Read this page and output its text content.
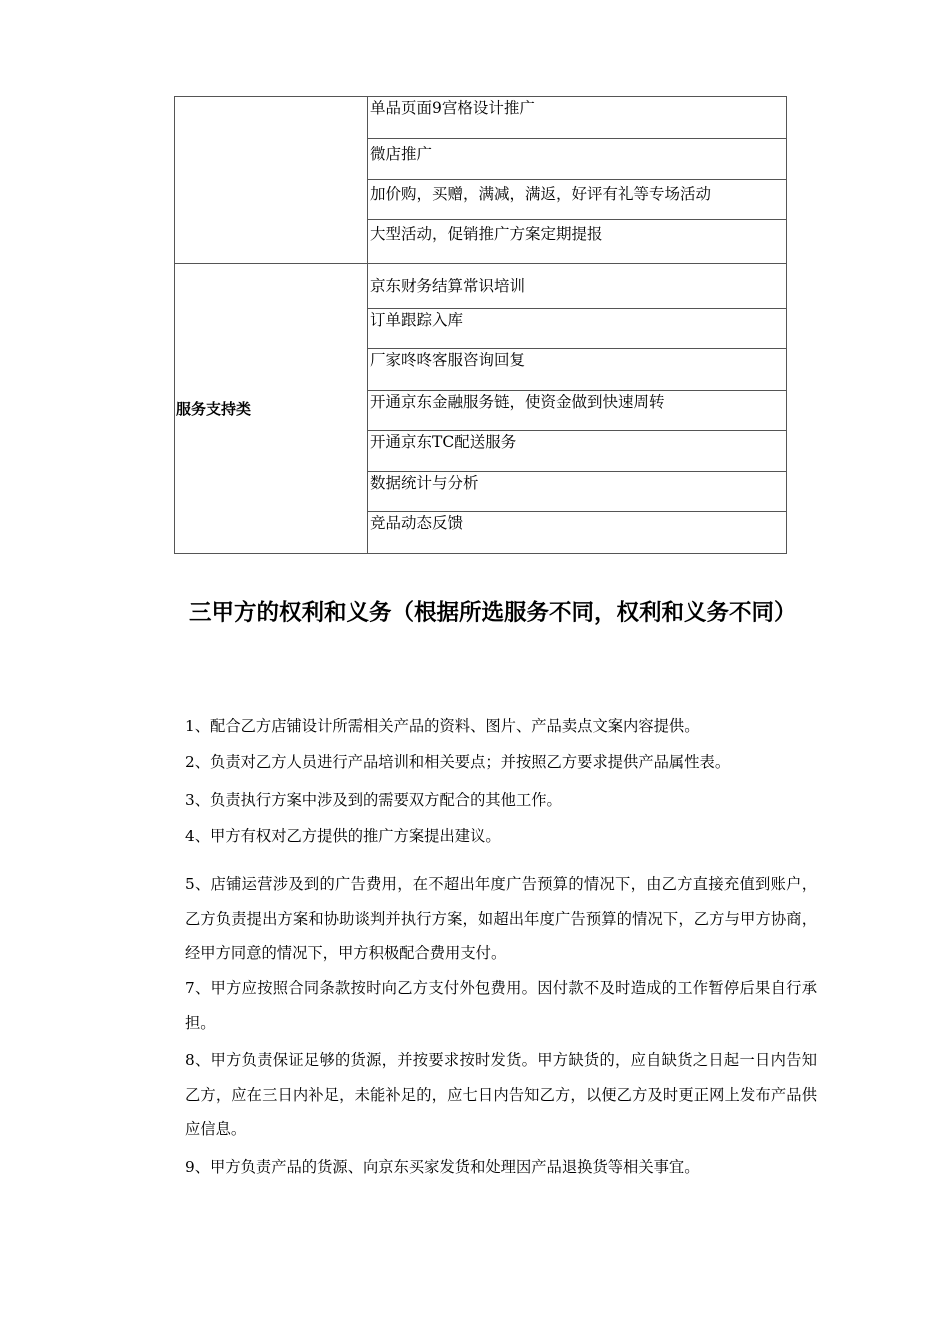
	单品页面9宫格设计推广
	微店推广
	加价购，买赠，满减，满返，好评有礼等专场活动
	大型活动，促销推广方案定期提报
服务支持类	京东财务结算常识培训
	订单跟踪入库
	厂家咚咚客服咨询回复
	开通京东金融服务链，使资金做到快速周转
	开通京东TC配送服务
	数据统计与分析
	竞品动态反馈
三甲方的权利和义务（根据所选服务不同，权利和义务不同）

1、配合乙方店铺设计所需相关产品的资料、图片、产品卖点文案内容提供。

2、负责对乙方人员进行产品培训和相关要点；并按照乙方要求提供产品属性表。

3、负责执行方案中涉及到的需要双方配合的其他工作。

4、甲方有权对乙方提供的推广方案提出建议。

5、店铺运营涉及到的广告费用，在不超出年度广告预算的情况下，由乙方直接充值到账户，乙方负责提出方案和协助谈判并执行方案，如超出年度广告预算的情况下，乙方与甲方协商，经甲方同意的情况下，甲方积极配合费用支付。

7、甲方应按照合同条款按时向乙方支付外包费用。因付款不及时造成的工作暂停后果自行承担。

8、甲方负责保证足够的货源，并按要求按时发货。甲方缺货的，应自缺货之日起一日内告知乙方，应在三日内补足，未能补足的，应七日内告知乙方，以便乙方及时更正网上发布产品供应信息。

9、甲方负责产品的货源、向京东买家发货和处理因产品退换货等相关事宜。
